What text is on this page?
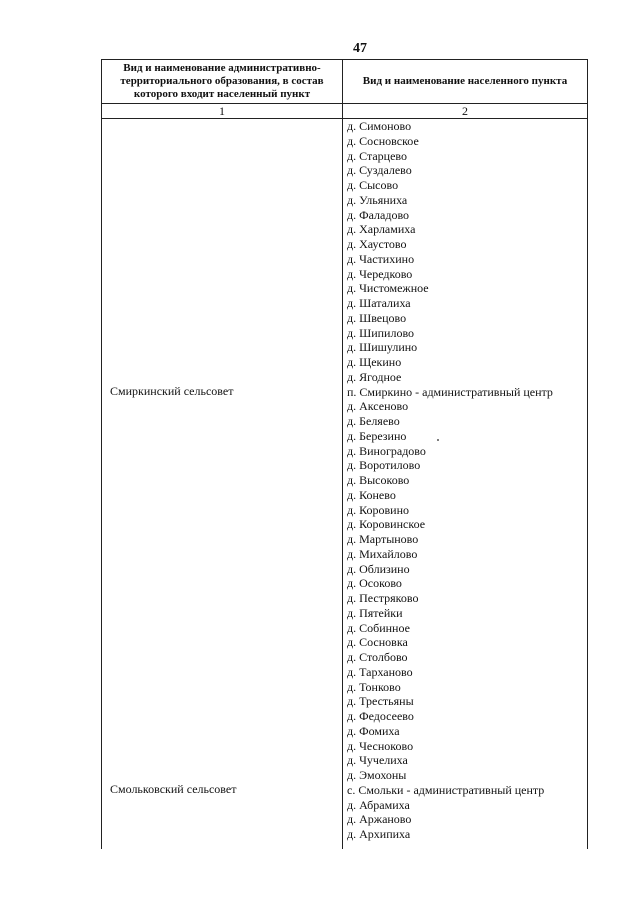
47
Вид и наименование административно-территориального образования, в состав которого входит населенный пункт
Вид и наименование населенного пункта
1	2
Смиркинский сельсовет
Смольковский сельсовет
д. Симоново
д. Сосновское
д. Старцево
д. Суздалево
д. Сысово
д. Ульяниха
д. Фаладово
д. Харламиха
д. Хаустово
д. Частихино
д. Чередково
д. Чистомежное
д. Шаталиха
д. Швецово
д. Шипилово
д. Шишулино
д. Щекино
д. Ягодное
п. Смиркино - административный центр
д. Аксеново
д. Беляево
д. Березино
д. Виноградово
д. Воротилово
д. Высоково
д. Конево
д. Коровино
д. Коровинское
д. Мартыново
д. Михайлово
д. Облизино
д. Осоково
д. Пестряково
д. Пятейки
д. Собинное
д. Сосновка
д. Столбово
д. Тарханово
д. Тонково
д. Трестьяны
д. Федосеево
д. Фомиха
д. Чесноково
д. Чучелиха
д. Эмохоны
с. Смольки - административный центр
д. Абрамиха
д. Аржаново
д. Архипиха
